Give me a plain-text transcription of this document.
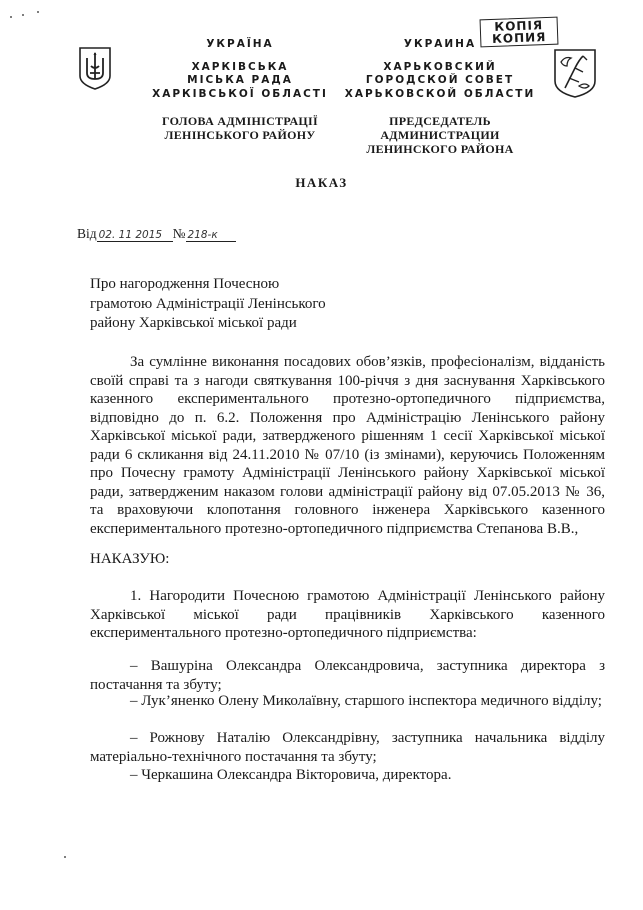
КОПІЯ
КОПИЯ
УКРАЇНА
ХАРКІВСЬКА
МІСЬКА РАДА
ХАРКІВСЬКОЇ ОБЛАСТІ
ГОЛОВА АДМІНІСТРАЦІЇ
ЛЕНІНСЬКОГО РАЙОНУ
УКРАИНА
ХАРЬКОВСКИЙ
ГОРОДСКОЙ СОВЕТ
ХАРЬКОВСКОЙ ОБЛАСТИ
ПРЕДСЕДАТЕЛЬ АДМИНИСТРАЦИИ
ЛЕНИНСКОГО РАЙОНА
НАКАЗ
Від 02. 11 2015 № 218-к
Про нагородження Почесною
грамотою Адміністрації Ленінського
району Харківської міської ради
За сумлінне виконання посадових обов’язків, професіоналізм, відданість своїй справі та з нагоди святкування 100-річчя з дня заснування Харківського казенного експериментального протезно-ортопедичного підприємства, відповідно до п. 6.2. Положення про Адміністрацію Ленінського району Харківської міської ради, затвердженого рішенням 1 сесії Харківської міської ради 6 скликання від 24.11.2010 № 07/10 (із змінами), керуючись Положенням про Почесну грамоту Адміністрації Ленінського району Харківської міської ради, затвердженим наказом голови адміністрації району від 07.05.2013 № 36, та враховуючи клопотання головного інженера Харківського казенного експериментального протезно-ортопедичного підприємства Степанова В.В.,
НАКАЗУЮ:
1. Нагородити Почесною грамотою Адміністрації Ленінського району Харківської міської ради працівників Харківського казенного експериментального протезно-ортопедичного підприємства:
– Вашуріна Олександра Олександровича, заступника директора з постачання та збуту;
– Лук’яненко Олену Миколаївну, старшого інспектора медичного відділу;
– Рожнову Наталію Олександрівну, заступника начальника відділу матеріально-технічного постачання та збуту;
– Черкашина Олександра Вікторовича, директора.
